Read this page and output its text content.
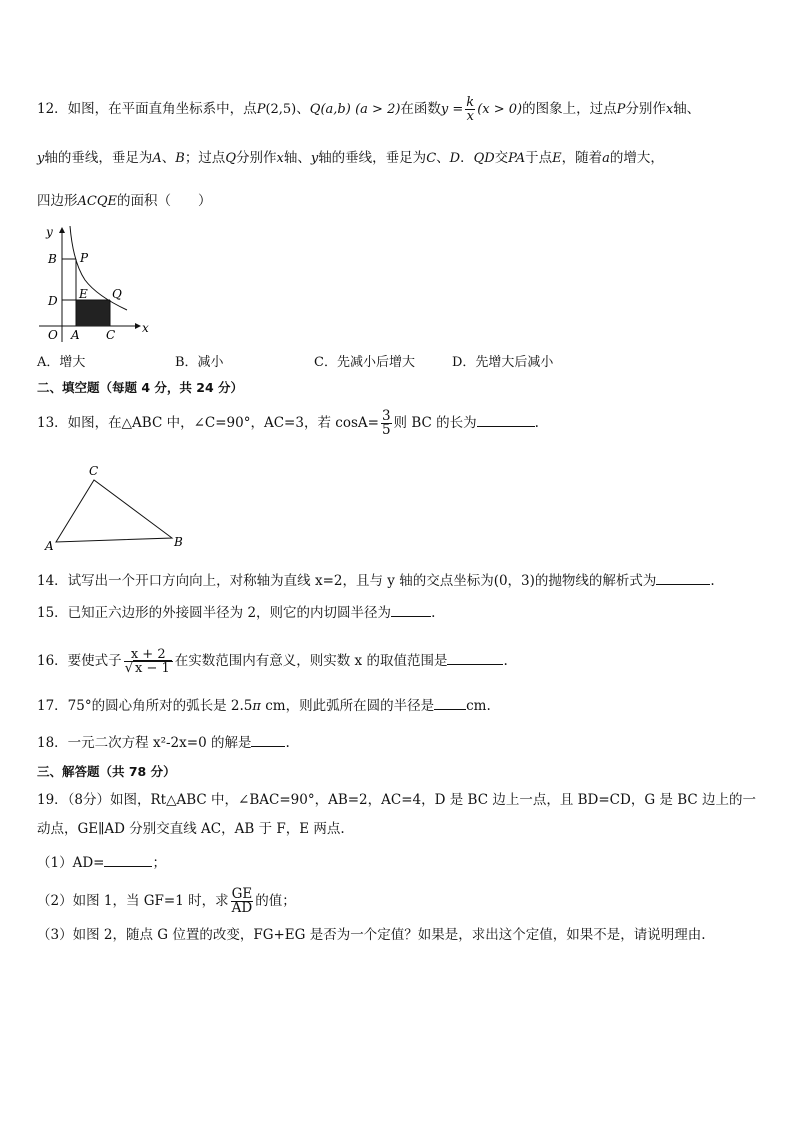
12．如图，在平面直角坐标系中，点P(2,5)、Q(a,b) (a > 2)在函数$y = \frac{k}{x} (x > 0)$的图象上，过点P分别作x轴、
y轴的垂线，垂足为A、B；过点Q分别作x轴、y轴的垂线，垂足为C、D．QD交PA于点E，随着a的增大，
四边形ACQE的面积（　　）
y
x
O A C
B
D
P
E Q
A．增大	B．减小	C．先减小后增大	D．先增大后减小
二、填空题（每题 4 分，共 24 分）
13．如图，在△ABC 中，∠C=90°，AC=3，若 $\cos A= \frac{3}{5}$ 则 BC 的长为	.
A	B
C
14．试写出一个开口方向向上，对称轴为直线 x=2，且与 y 轴的交点坐标为(0，3)的抛物线的解析式为	.
15．已知正六边形的外接圆半径为 2，则它的内切圆半径为	.
16．要使式子 $\frac{x + 2}{√ x - 1}$ 在实数范围内有意义，则实数 x 的取值范围是	.
17．75°的圆心角所对的弧长是 2.5π cm，则此弧所在圆的半径是 cm.
18．一元二次方程 x²-2x=0 的解是	.
三、解答题（共 78 分）
19．（8分）如图，Rt△ABC 中，∠BAC=90°，AB=2，AC=4，D 是 BC 边上一点，且 BD=CD，G 是 BC 边上的一
动点，GE∥AD 分别交直线 AC，AB 于 F，E 两点.
（1）AD=	；
（2）如图 1，当 GF=1 时，求 $\frac{GE}{AD}$ 的值；
（3）如图 2，随点 G 位置的改变，FG+EG 是否为一个定值？如果是，求出这个定值，如果不是，请说明理由.
